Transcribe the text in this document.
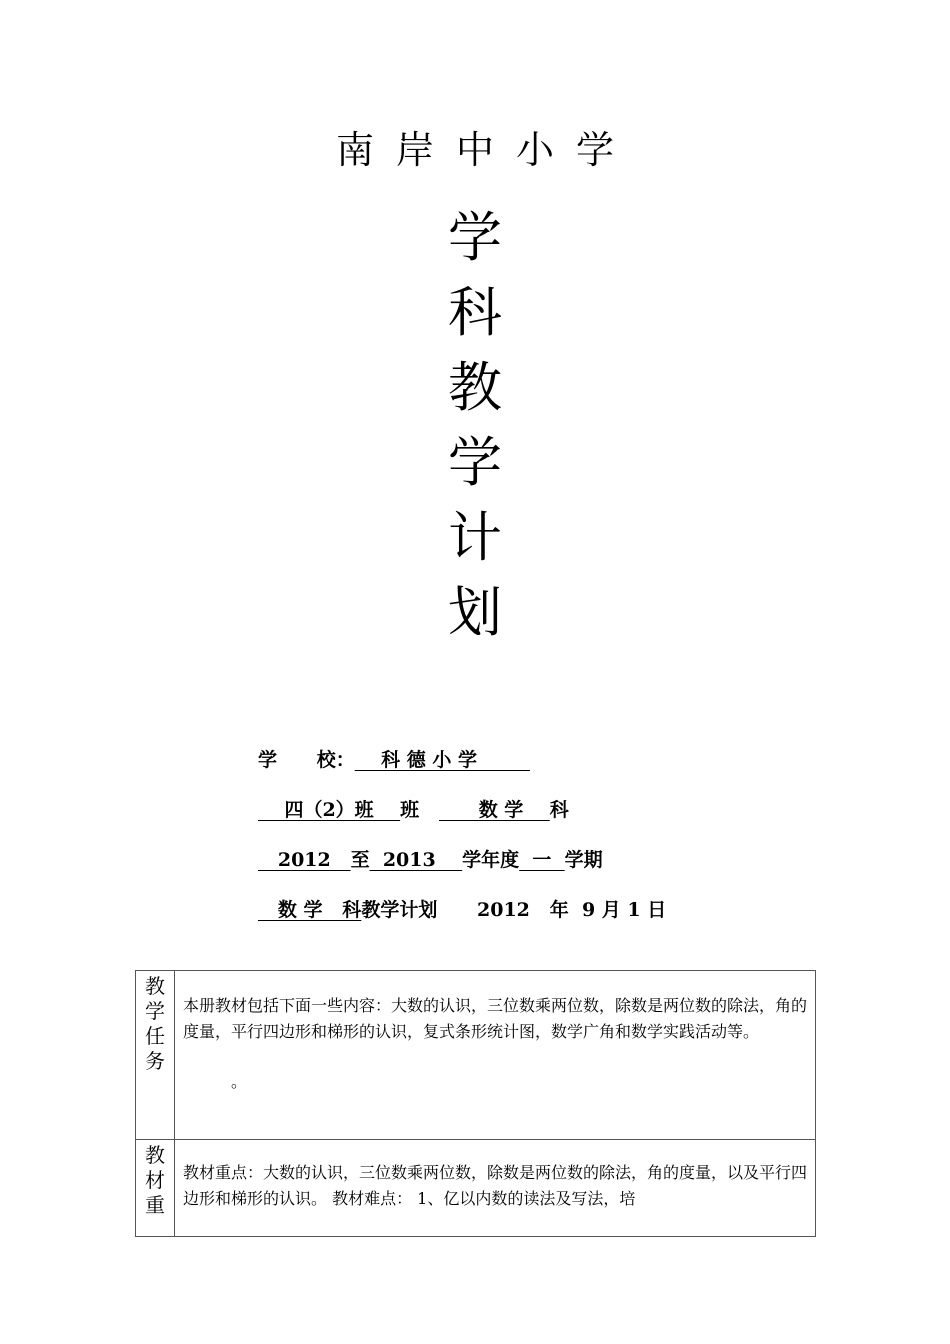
南岸中小学
学
科
教
学
计
划
学      校：    科 德 小 学
四（2）班    班         数 学    科
2012   至  2013    学年度  一  学期
数 学   科教学计划      2012   年  9 月 1 日
教
学
任
务	本册教材包括下面一些内容：大数的认识，三位数乘两位数，除数是两位数的除法，角的度量，平行四边形和梯形的认识，复式条形统计图，数学广角和数学实践活动等。
。

教
材
重	教材重点：大数的认识，三位数乘两位数，除数是两位数的除法，角的度量，以及平行四边形和梯形的认识。 教材难点： 1、亿以内数的读法及写法，培
